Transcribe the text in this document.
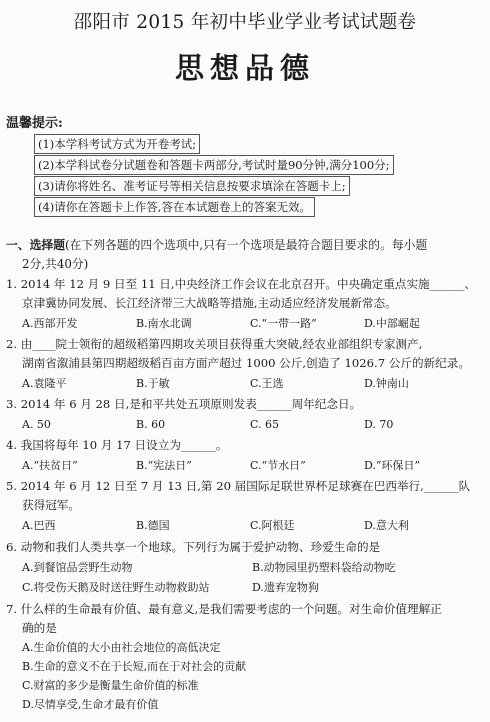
邵阳市 2015 年初中毕业学业考试试题卷
思想品德
温馨提示:
(1)本学科考试方式为开卷考试;
(2)本学科试卷分试题卷和答题卡两部分,考试时量90分钟,满分100分;
(3)请你将姓名、准考证号等相关信息按要求填涂在答题卡上;
(4)请你在答题卡上作答,答在本试题卷上的答案无效。
一、选择题(在下列各题的四个选项中,只有一个选项是最符合题目要求的。每小题
2分,共40分)
1. 2014 年 12 月 9 日至 11 日,中央经济工作会议在北京召开。中央确定重点实施______、
京津冀协同发展、长江经济带三大战略等措施,主动适应经济发展新常态。
A.西部开发	B.南水北调	C.“一带一路”	D.中部崛起
2. 由____院士领衔的超级稻第四期攻关项目获得重大突破,经农业部组织专家测产,
湖南省溆浦县第四期超级稻百亩方面产超过 1000 公斤,创造了 1026.7 公斤的新纪录。
A.袁隆平	B.于敏	C.王选	D.钟南山
3. 2014 年 6 月 28 日,是和平共处五项原则发表______周年纪念日。
A. 50	B. 60	C. 65	D. 70
4. 我国将每年 10 月 17 日设立为______。
A.“扶贫日”	B.“宪法日”	C.“节水日”	D.“环保日”
5. 2014 年 6 月 12 日至 7 月 13 日,第 20 届国际足联世界杯足球赛在巴西举行,______队
获得冠军。
A.巴西	B.德国	C.阿根廷	D.意大利
6. 动物和我们人类共享一个地球。下列行为属于爱护动物、珍爱生命的是
A.到餐馆品尝野生动物	B.动物园里扔塑料袋给动物吃
C.将受伤天鹅及时送往野生动物救助站	D.遗弃宠物狗
7. 什么样的生命最有价值、最有意义,是我们需要考虑的一个问题。对生命价值理解正
确的是
A.生命价值的大小由社会地位的高低决定
B.生命的意义不在于长短,而在于对社会的贡献
C.财富的多少是衡量生命价值的标准
D.尽情享受,生命才最有价值
